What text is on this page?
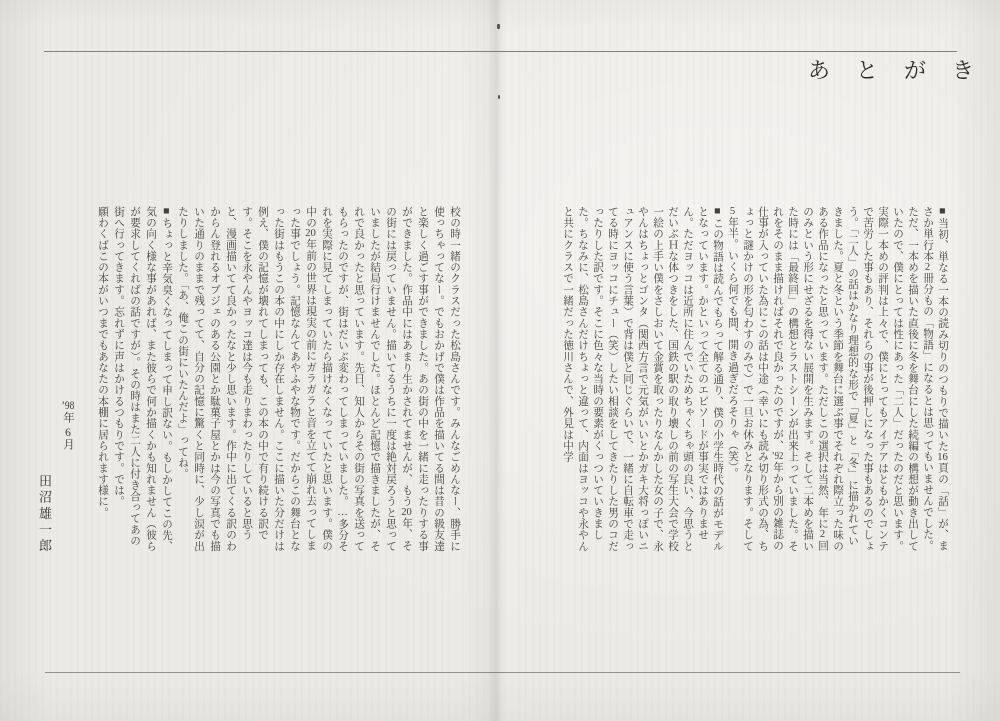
あとがき

■当初、単なる一本の読み切りのつもりで描いた16頁の「話」が、まさか単行本2冊分もの「物語」になるとは思ってもいませんでした。ただ、一本めを描いた直後に冬を舞台にした続編の構想が動き出していたので、僕にとっては性にあった「二人」だったのだと思います。実際一本めの評判は上々で、僕にとってもアイデアはともかくコンテで苦労した事もあり、それらの事が後押しになった事もあるのでしょう。「二人」の話はかなり理想的な形で「夏」と「冬」に描かれていきました。夏と冬という季節を舞台に選ぶ事でそれぞれ際立った味のある作品になったと思っています。ただしこの選択は当然、年に2回のみという形にせざるを得ない展開を生みます。そして二本めを描いた時には「最終回」の構想とラストシーンが出来上っていました。それをそのまま描ければそれで良かったのですが、’92年から別の雑誌の仕事が入っていた為にこの話は中途（幸いにも読み切り形式の為、ちょっと謎かけの形を匂わすのみで）で一旦お休みとなります。そして5年半。いくら何でも間、開き過ぎだろそりゃ（笑）。

■この物語は読んでもらって解る通り、僕の小学生時代の話がモデルとなっています。かといって全てのエピソードが事実ではありません。ただヨッコは近所に住んでいためちゃくちゃ頭の良い、今思うとだいぶＨな体つきをした、国鉄の駅の取り壊しの前の写生大会で学校一絵の上手い僕をさしおいて金賞を取ったりなんかした女の子で、永やんはちょっとゴンタ（関西方言で元気がいいとかガキ大将っぽいニュアンスに使う言葉）で背は僕と同じぐらいで、一緒に自転車で走ってる時にヨッコにチュー（笑）したい相談をしてきたりした男のコだったりした訳です。そこに色々な当時の要素がくっついていきました。ちなみに、松島さんだけちょっと違って、内面はヨッコや永やんと共にクラスで一緒だった徳川さんで、外見は中学

校の時一緒のクラスだった松島さんです。みんなごめんなー、勝手に使っちゃってなー。でもおかげで僕は作品を描いてる間は昔の級友達と楽しく過ごす事ができました。あの街の中を一緒に走ったりする事ができました。作品中にはあまり生かされてませんが、もう20年、その街には戻っていません。描いてるうちに一度は絶対戻ろうと思っていましたが結局行けませんでした。ほとんど記憶で描きましたが、それで良かったと思っています。先日、知人からその街の写真を送ってもらったのですが、街はだいぶ変わってしまっていました。…多分それを実際に見てしまっていたら描けなくなっていたと思います。僕の中の20年前の世界は現実の前にガラガラと音を立てて崩れ去ってしまった事でしょう。記憶なんてあやふやな物です。だからこの舞台となった街はもうこの本の中にしか存在しません。ここに描いた分だけは例え、僕の記憶が壊れてしまっても、この本の中で有り続ける訳です。そこを永やんやヨッコ達は今も走りまわったりしていると思うと、漫画描いてて良かったなと少し思います。作中に出てくる訳のわからん登れるオブジェのある公園とか駄菓子屋とかは今の写真でも描いた通りのままで残ってて、自分の記憶に驚くと同時に、少し涙が出たりしました。「あ、俺この街にいたんだよ」ってね。

■ちょっと辛気臭くなってしまって申し訳ない。もしかしてこの先、気の向く様な事があれば、また彼らで何か描くかも知れません（彼らが要求してくればの話ですが）。その時はまた二人に付き合ってあの街へ行ってきます。忘れずに声はかけるつもりです。では。

願わくばこの本がいつまでもあなたの本棚に居られます様に。

’98年6月
田沼雄一郎
